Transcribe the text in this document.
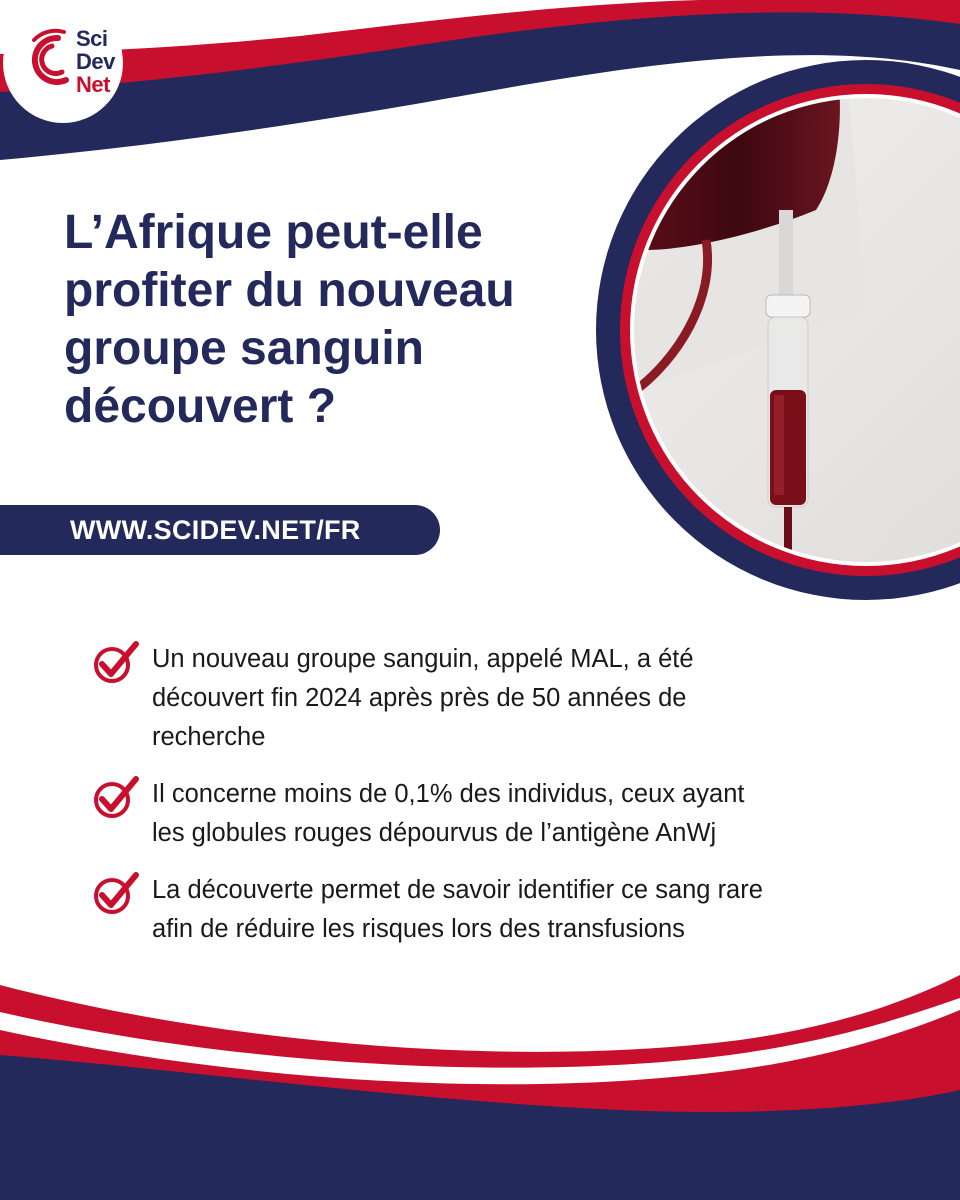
Sci
Dev
Net
L’Afrique peut-elle
profiter du nouveau
groupe sanguin
découvert ?
WWW.SCIDEV.NET/FR
Un nouveau groupe sanguin, appelé MAL, a été découvert fin 2024 après près de 50 années de recherche
Il concerne moins de 0,1% des individus, ceux ayant les globules rouges dépourvus de l’antigène AnWj
La découverte permet de savoir identifier ce sang rare afin de réduire les risques lors des transfusions
